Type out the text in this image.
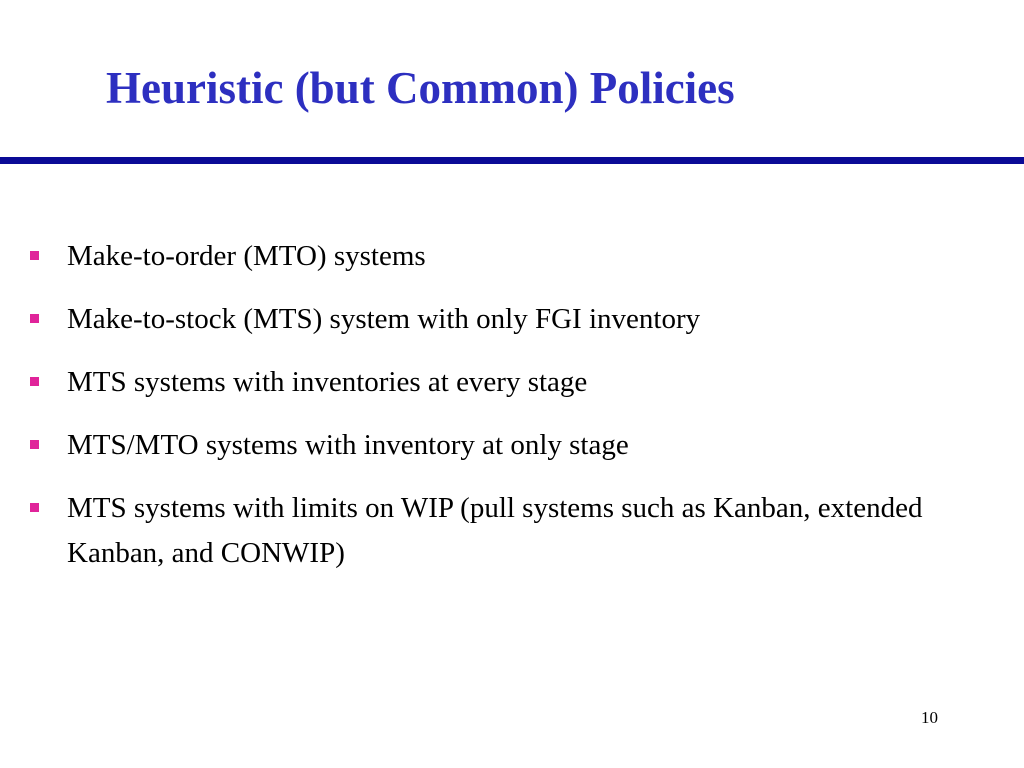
Heuristic (but Common) Policies
Make-to-order (MTO) systems
Make-to-stock (MTS) system with only FGI inventory
MTS systems with inventories at every stage
MTS/MTO systems with inventory at only stage
MTS systems with limits on WIP (pull systems such as Kanban, extended Kanban, and CONWIP)
10
